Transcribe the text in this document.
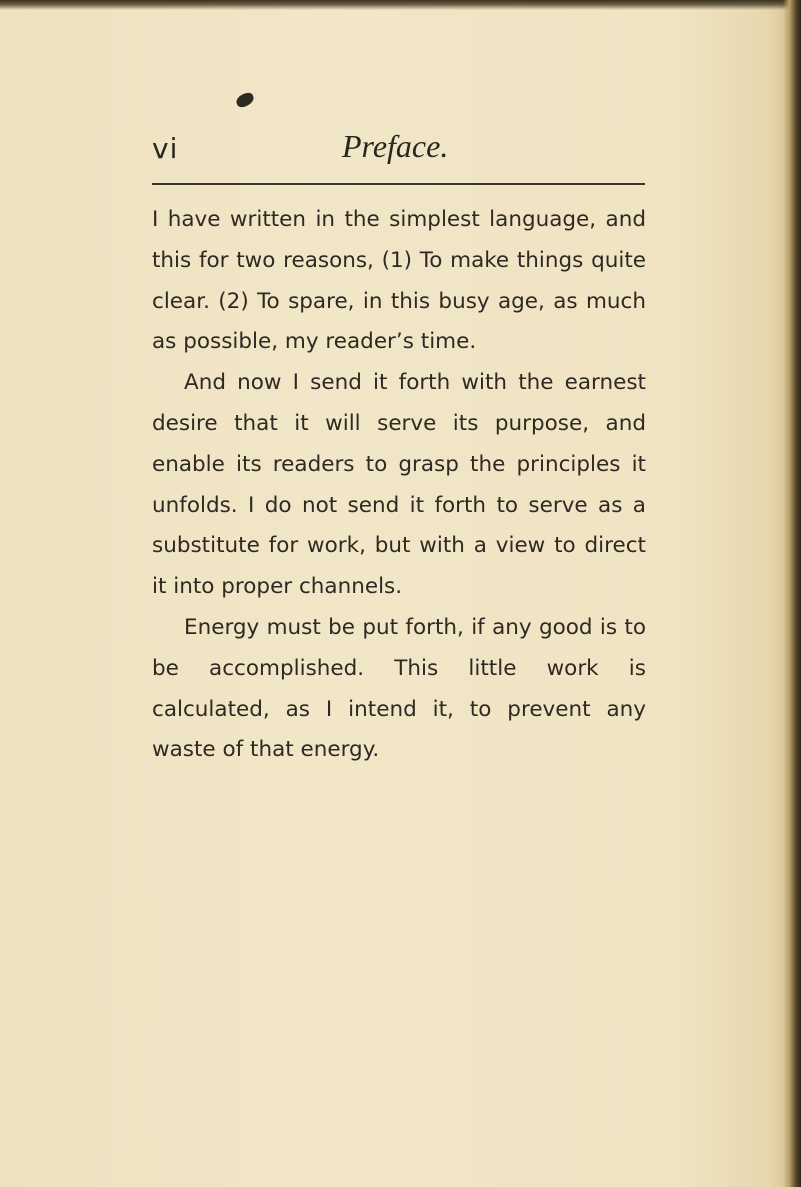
vi	Preface.

I have written in the simplest language, and this for two reasons, (1) To make things quite clear. (2) To spare, in this busy age, as much as possible, my reader’s time.

And now I send it forth with the earnest desire that it will serve its purpose, and enable its readers to grasp the principles it unfolds. I do not send it forth to serve as a substitute for work, but with a view to direct it into proper channels.

Energy must be put forth, if any good is to be accomplished. This little work is calculated, as I intend it, to prevent any waste of that energy.
